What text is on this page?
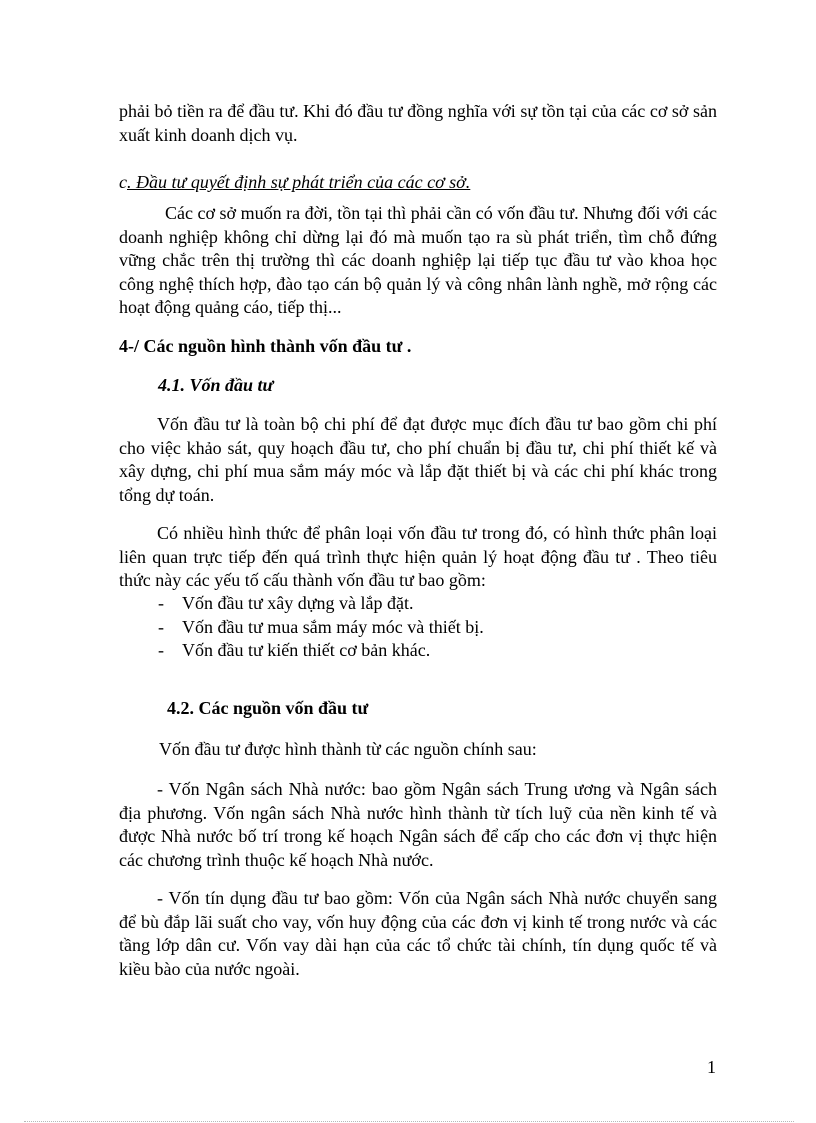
phải bỏ tiền ra để đầu tư. Khi đó đầu tư đồng nghĩa với sự tồn tại của các cơ sở sản xuất kinh doanh dịch vụ.

c. Đầu tư quyết định sự phát triển của các cơ sở.

Các cơ sở muốn ra đời, tồn tại thì phải cần có vốn đầu tư. Nhưng đối với các doanh nghiệp không chỉ dừng lại đó mà muốn tạo ra sù phát triển, tìm chỗ đứng vững chắc trên thị trường thì các doanh nghiệp lại tiếp tục đầu tư vào khoa học công nghệ thích hợp, đào tạo cán bộ quản lý và công nhân lành nghề, mở rộng các hoạt động quảng cáo, tiếp thị...

4-/ Các nguồn hình thành vốn đầu tư .
4.1. Vốn đầu tư

Vốn đầu tư là toàn bộ chi phí để đạt được mục đích đầu tư bao gồm chi phí cho việc khảo sát, quy hoạch đầu tư, cho phí chuẩn bị đầu tư, chi phí thiết kế và xây dựng, chi phí mua sắm máy móc và lắp đặt thiết bị và các chi phí khác trong tổng dự toán.

Có nhiều hình thức để phân loại vốn đầu tư trong đó, có hình thức phân loại liên quan trực tiếp đến quá trình thực hiện quản lý hoạt động đầu tư . Theo tiêu thức này các yếu tố cấu thành vốn đầu tư bao gồm:

- Vốn đầu tư xây dựng và lắp đặt.
- Vốn đầu tư mua sắm máy móc và thiết bị.
- Vốn đầu tư kiến thiết cơ bản khác.
4.2. Các nguồn vốn đầu tư
Vốn đầu tư được hình thành từ các nguồn chính sau:

- Vốn Ngân sách Nhà nước: bao gồm Ngân sách Trung ương và Ngân sách địa phương. Vốn ngân sách Nhà nước hình thành từ tích luỹ của nền kinh tế và được Nhà nước bố trí trong kế hoạch Ngân sách để cấp cho các đơn vị thực hiện các chương trình thuộc kế hoạch Nhà nước.

- Vốn tín dụng đầu tư bao gồm: Vốn của Ngân sách Nhà nước chuyển sang để bù đắp lãi suất cho vay, vốn huy động của các đơn vị kinh tế trong nước và các tầng lớp dân cư. Vốn vay dài hạn của các tổ chức tài chính, tín dụng quốc tế và kiều bào của nước ngoài.

1
